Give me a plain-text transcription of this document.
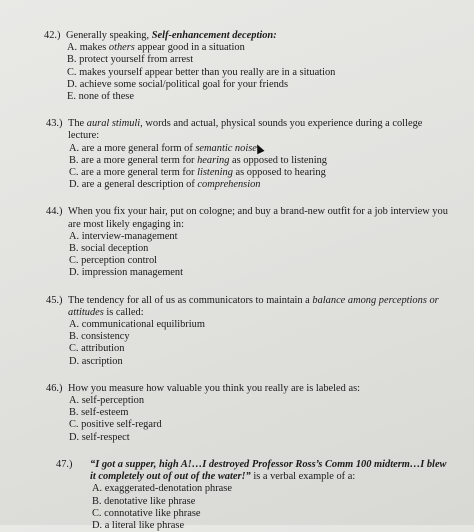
42.) Generally speaking, Self-enhancement deception:
A. makes others appear good in a situation
B. protect yourself from arrest
C. makes yourself appear better than you really are in a situation
D. achieve some social/political goal for your friends
E. none of these
43.) The aural stimuli, words and actual, physical sounds you experience during a college lecture:
A. are a more general form of semantic noise
B. are a more general term for hearing as opposed to listening
C. are a more general term for listening as opposed to hearing
D. are a general description of comprehension
44.) When you fix your hair, put on cologne; and buy a brand-new outfit for a job interview you are most likely engaging in:
A. interview-management
B. social deception
C. perception control
D. impression management
45.) The tendency for all of us as communicators to maintain a balance among perceptions or attitudes is called:
A. communicational equilibrium
B. consistency
C. attribution
D. ascription
46.) How you measure how valuable you think you really are is labeled as:
A. self-perception
B. self-esteem
C. positive self-regard
D. self-respect
47.)	“I got a supper, high A!…I destroyed Professor Ross’s Comm 100 midterm…I blew it completely out of out of the water!” is a verbal example of a:
A. exaggerated-denotation phrase
B. denotative like phrase
C. connotative like phrase
D. a literal like phrase
